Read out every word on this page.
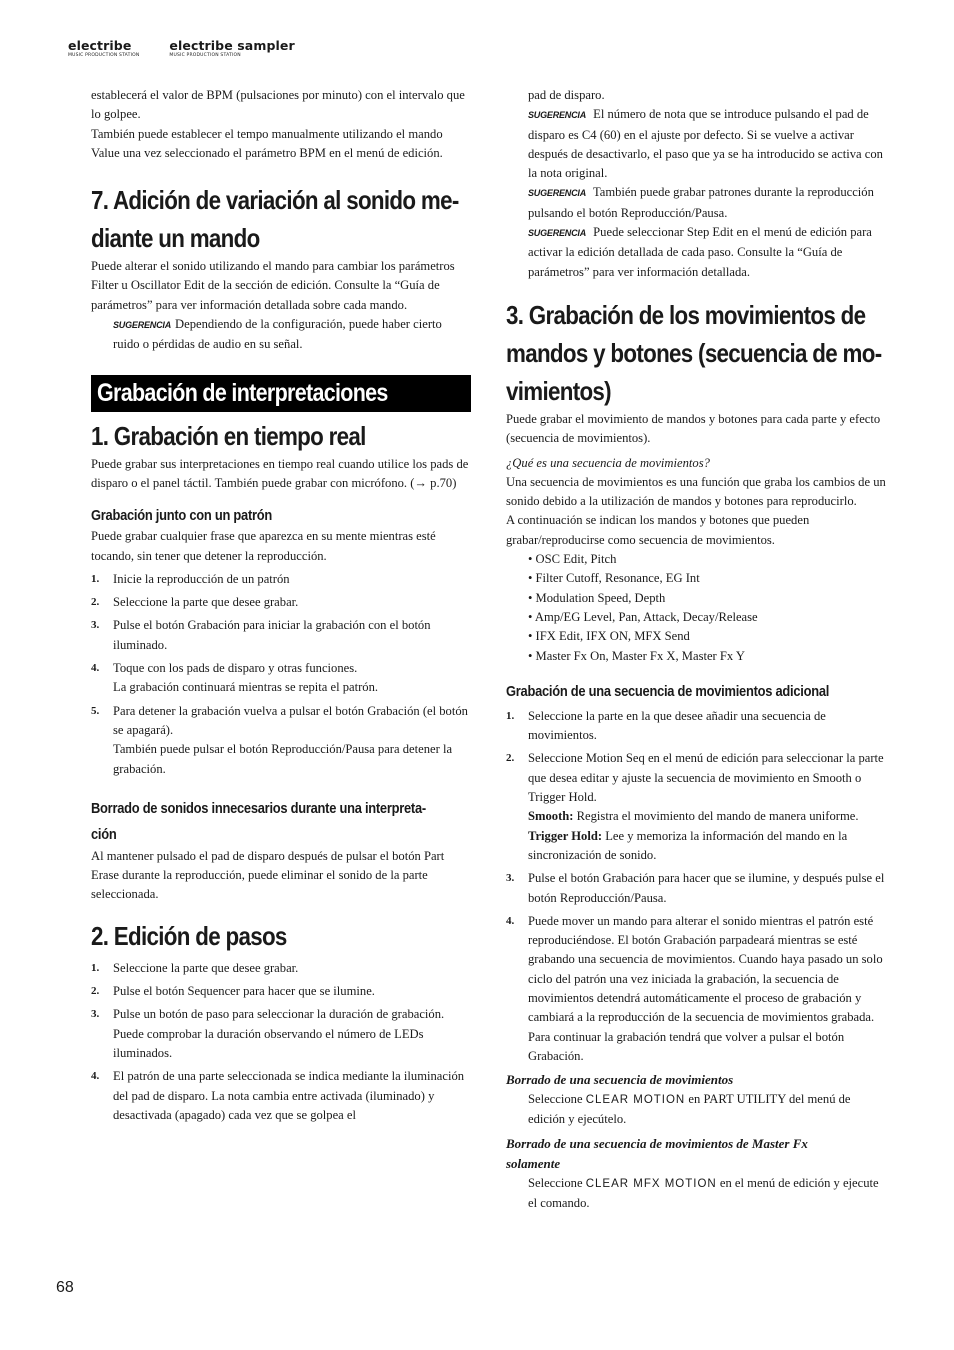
electribe
MUSIC PRODUCTION STATION
electribe sampler
MUSIC PRODUCTION STATION

establecerá el valor de BPM (pulsaciones por minuto) con el intervalo que lo golpee.

También puede establecer el tempo manualmente utilizando el mando Value una vez seleccionado el parámetro BPM en el menú de edición.

7. Adición de variación al sonido me-
diante un mando

Puede alterar el sonido utilizando el mando para cambiar los parámetros Filter u Oscillator Edit de la sección de edición. Consulte la “Guía de parámetros” para ver información detallada sobre cada mando.

SUGERENCIA Dependiendo de la configuración, puede haber cierto ruido o pérdidas de audio en su señal.

Grabación de interpretaciones
1. Grabación en tiempo real

Puede grabar sus interpretaciones en tiempo real cuando utilice los pads de disparo o el panel táctil. También puede grabar con micrófono. (→ p.70)

Grabación junto con un patrón

Puede grabar cualquier frase que aparezca en su mente mientras esté tocando, sin tener que detener la reproducción.

1.	Inicie la reproducción de un patrón
2.	Seleccione la parte que desee grabar.
3.	Pulse el botón Grabación para iniciar la grabación con el botón iluminado.
4.	Toque con los pads de disparo y otras funciones.
La grabación continuará mientras se repita el patrón.
5.	Para detener la grabación vuelva a pulsar el botón Grabación (el botón se apagará).
También puede pulsar el botón Reproducción/Pausa para detener la grabación.
Borrado de sonidos innecesarios durante una interpreta-
ción

Al mantener pulsado el pad de disparo después de pulsar el botón Part Erase durante la reproducción, puede eliminar el sonido de la parte seleccionada.

2. Edición de pasos
1.	Seleccione la parte que desee grabar.
2.	Pulse el botón Sequencer para hacer que se ilumine.
3.	Pulse un botón de paso para seleccionar la duración de grabación. Puede comprobar la duración observando el número de LEDs iluminados.
4.	El patrón de una parte seleccionada se indica mediante la iluminación del pad de disparo. La nota cambia entre activada (iluminado) y desactivada (apagado) cada vez que se golpea el

pad de disparo.

SUGERENCIA El número de nota que se introduce pulsando el pad de disparo es C4 (60) en el ajuste por defecto. Si se vuelve a activar después de desactivarlo, el paso que ya se ha introducido se activa con la nota original.

SUGERENCIA También puede grabar patrones durante la reproducción pulsando el botón Reproducción/Pausa.

SUGERENCIA Puede seleccionar Step Edit en el menú de edición para activar la edición detallada de cada paso. Consulte la “Guía de parámetros” para ver información detallada.

3. Grabación de los movimientos de
mandos y botones (secuencia de mo-
vimientos)

Puede grabar el movimiento de mandos y botones para cada parte y efecto (secuencia de movimientos).

¿Qué es una secuencia de movimientos?

Una secuencia de movimientos es una función que graba los cambios de un sonido debido a la utilización de mandos y botones para reproducirlo.

A continuación se indican los mandos y botones que pueden grabar/reproducirse como secuencia de movimientos.

• OSC Edit, Pitch
• Filter Cutoff, Resonance, EG Int
• Modulation Speed, Depth
• Amp/EG Level, Pan, Attack, Decay/Release
• IFX Edit, IFX ON, MFX Send
• Master Fx On, Master Fx X, Master Fx Y
Grabación de una secuencia de movimientos adicional
1.	Seleccione la parte en la que desee añadir una secuencia de movimientos.
2.	Seleccione Motion Seq en el menú de edición para seleccionar la parte que desea editar y ajuste la secuencia de movimiento en Smooth o Trigger Hold.
Smooth: Registra el movimiento del mando de manera uniforme.
Trigger Hold: Lee y memoriza la información del mando en la sincronización de sonido.
3.	Pulse el botón Grabación para hacer que se ilumine, y después pulse el botón Reproducción/Pausa.
4.	Puede mover un mando para alterar el sonido mientras el patrón esté reproduciéndose. El botón Grabación parpadeará mientras se esté grabando una secuencia de movimientos. Cuando haya pasado un solo ciclo del patrón una vez iniciada la grabación, la secuencia de movimientos detendrá automáticamente el proceso de grabación y cambiará a la reproducción de la secuencia de movimientos grabada. Para continuar la grabación tendrá que volver a pulsar el botón Grabación.

Borrado de una secuencia de movimientos

Seleccione CLEAR MOTION en PART UTILITY del menú de edición y ejecútelo.

Borrado de una secuencia de movimientos de Master Fx

solamente

Seleccione CLEAR MFX MOTION en el menú de edición y ejecute el comando.

68
